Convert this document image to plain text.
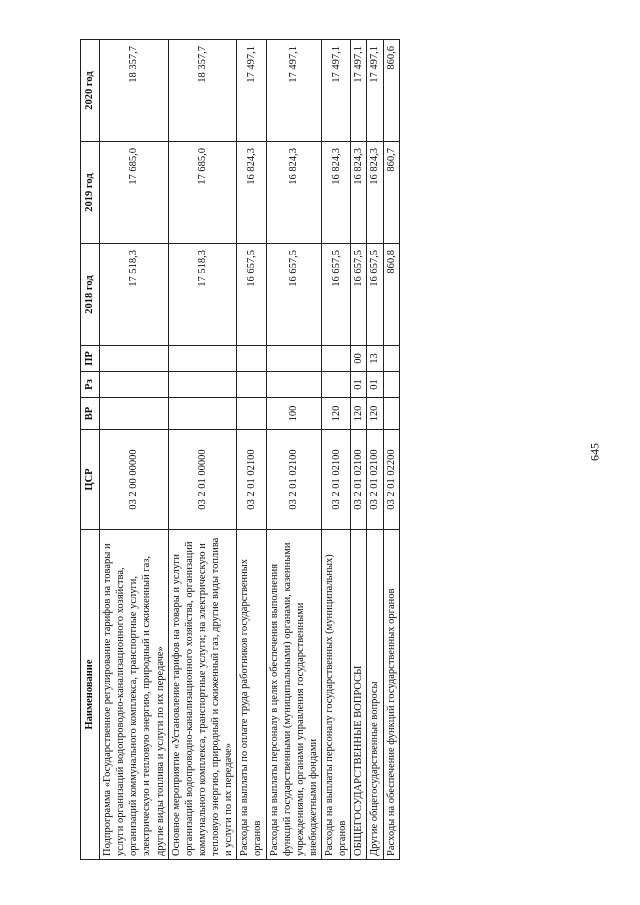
645
Наименование	ЦСР	ВР	Рз	ПР	2018 год	2019 год	2020 год
Подпрограмма «Государственное регулирование тарифов на товары и услуги организаций водопроводно-канализационного хозяйства, организаций коммунального комплекса, транспортные услуги, электрическую и тепловую энергию, природный и сжиженный газ, другие виды топлива и услуги по их передаче»	03 2 00 00000				17 518,3	17 685,0	18 357,7
Основное мероприятие «Установление тарифов на товары и услуги организаций водопроводно-канализационного хозяйства, организаций коммунального комплекса, транспортные услуги; на электрическую и тепловую энергию, природный и сжиженный газ, другие виды топлива и услуги по их передаче»	03 2 01 00000				17 518,3	17 685,0	18 357,7
Расходы на выплаты по оплате труда работников государственных органов	03 2 01 02100				16 657,5	16 824,3	17 497,1
Расходы на выплаты персоналу в целях обеспечения выполнения функций государственными (муниципальными) органами, казенными учреждениями, органами управления государственными внебюджетными фондами	03 2 01 02100	100			16 657,5	16 824,3	17 497,1
Расходы на выплаты персоналу государственных (муниципальных) органов	03 2 01 02100	120			16 657,5	16 824,3	17 497,1
ОБЩЕГОСУДАРСТВЕННЫЕ ВОПРОСЫ	03 2 01 02100	120	01	00	16 657,5	16 824,3	17 497,1
Другие общегосударственные вопросы	03 2 01 02100	120	01	13	16 657,5	16 824,3	17 497,1
Расходы на обеспечение функций государственных органов	03 2 01 02200				860,8	860,7	860,6
